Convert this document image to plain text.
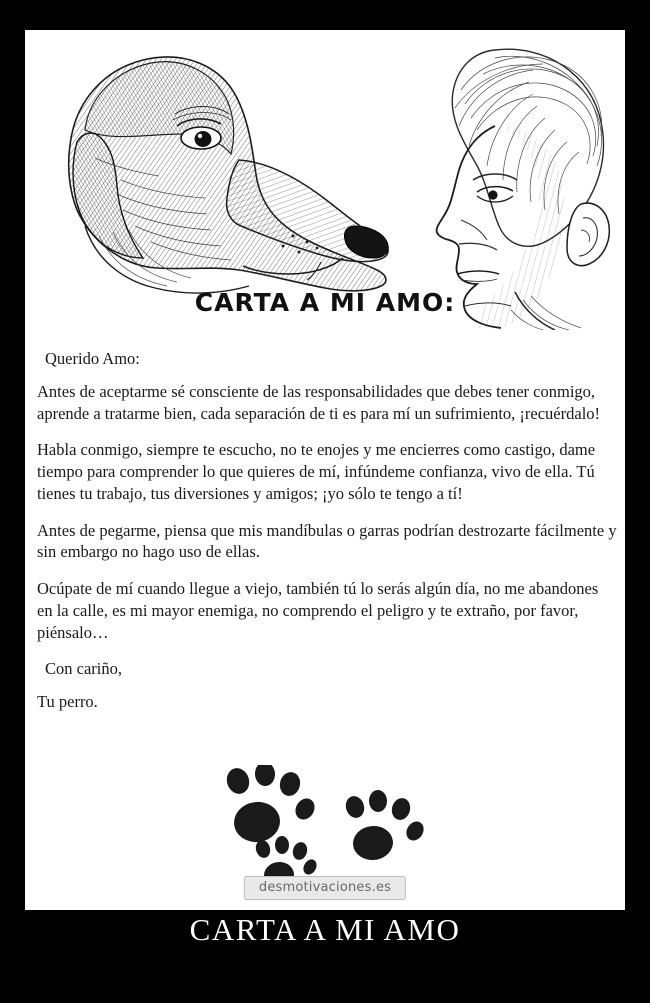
CARTA A MI AMO:

Querido Amo:

Antes de aceptarme sé consciente de las responsabilidades que debes tener conmigo, aprende a tratarme bien, cada separación de ti es para mí un sufrimiento, ¡recuérdalo!

Habla conmigo, siempre te escucho, no te enojes y me encierres como castigo, dame tiempo para comprender lo que quieres de mí, infúndeme confianza, vivo de ella. Tú tienes tu trabajo, tus diversiones y amigos; ¡yo sólo te tengo a tí!

Antes de pegarme, piensa que mis mandíbulas o garras podrían destrozarte fácilmente y sin embargo no hago uso de ellas.

Ocúpate de mí cuando llegue a viejo, también tú lo serás algún día, no me abandones en la calle, es mi mayor enemiga, no comprendo el peligro y te extraño, por favor, piénsalo…

Con cariño,

Tu perro.

desmotivaciones.es
CARTA A MI AMO
